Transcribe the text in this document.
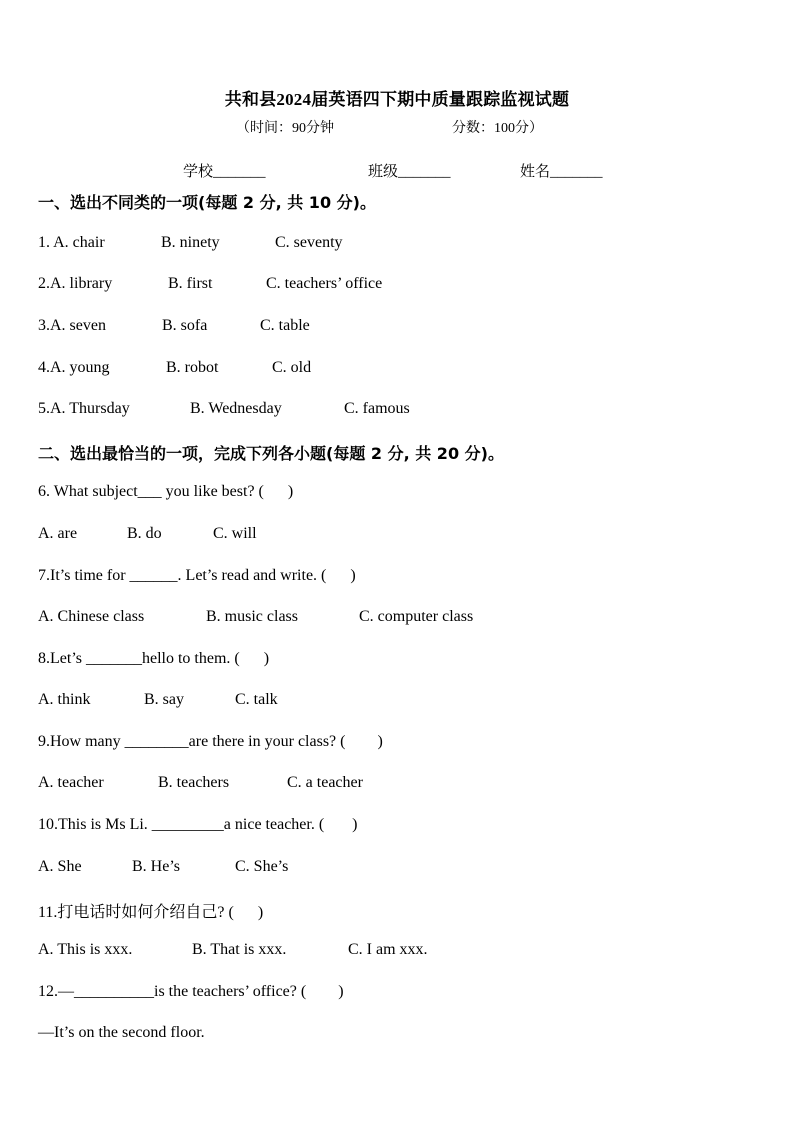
共和县2024届英语四下期中质量跟踪监视试题
（时间：90分钟	分数：100分）
学校_______	班级_______	姓名_______
一、选出不同类的一项(每题 2 分, 共 10 分)。
1. A. chair	B. ninety	C. seventy
2.A. library	B. first	C. teachers’ office
3.A. seven	B. sofa	C. table
4.A. young	B. robot	C. old
5.A. Thursday	B. Wednesday	C. famous
二、选出最恰当的一项，完成下列各小题(每题 2 分, 共 20 分)。
6. What subject___ you like best? (      )
A. are	B. do	C. will
7.It’s time for ______. Let’s read and write. (      )
A. Chinese class	B. music class	C. computer class
8.Let’s _______hello to them. (      )
A. think	B. say	C. talk
9.How many ________are there in your class? (        )
A. teacher	B. teachers	C. a teacher
10.This is Ms Li. _________a nice teacher. (       )
A. She	B. He’s	C. She’s
11.打电话时如何介绍自己? (      )
A. This is xxx.	B. That is xxx.	C. I am xxx.
12.—__________is the teachers’ office? (        )
—It’s on the second floor.
